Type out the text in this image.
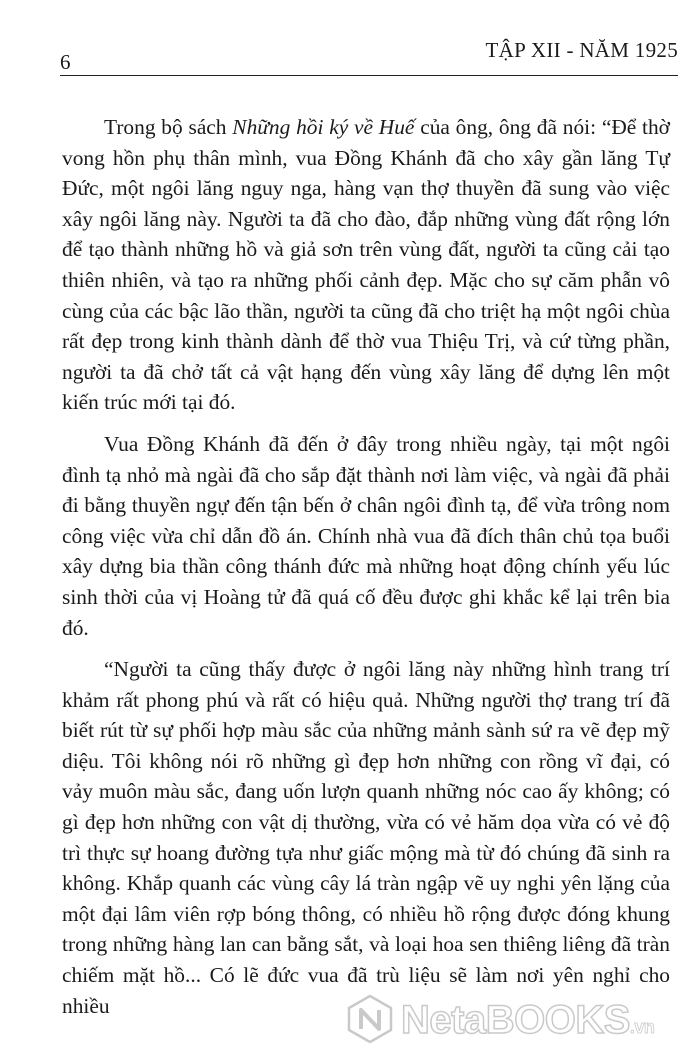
6	TẬP XII - NĂM 1925

Trong bộ sách Những hồi ký về Huế của ông, ông đã nói: “Để thờ vong hồn phụ thân mình, vua Đồng Khánh đã cho xây gần lăng Tự Đức, một ngôi lăng nguy nga, hàng vạn thợ thuyền đã sung vào việc xây ngôi lăng này. Người ta đã cho đào, đắp những vùng đất rộng lớn để tạo thành những hồ và giả sơn trên vùng đất, người ta cũng cải tạo thiên nhiên, và tạo ra những phối cảnh đẹp. Mặc cho sự căm phẫn vô cùng của các bậc lão thần, người ta cũng đã cho triệt hạ một ngôi chùa rất đẹp trong kinh thành dành để thờ vua Thiệu Trị, và cứ từng phần, người ta đã chở tất cả vật hạng đến vùng xây lăng để dựng lên một kiến trúc mới tại đó.

Vua Đồng Khánh đã đến ở đây trong nhiều ngày, tại một ngôi đình tạ nhỏ mà ngài đã cho sắp đặt thành nơi làm việc, và ngài đã phải đi bằng thuyền ngự đến tận bến ở chân ngôi đình tạ, để vừa trông nom công việc vừa chỉ dẫn đồ án. Chính nhà vua đã đích thân chủ tọa buổi xây dựng bia thần công thánh đức mà những hoạt động chính yếu lúc sinh thời của vị Hoàng tử đã quá cố đều được ghi khắc kể lại trên bia đó.

“Người ta cũng thấy được ở ngôi lăng này những hình trang trí khảm rất phong phú và rất có hiệu quả. Những người thợ trang trí đã biết rút từ sự phối hợp màu sắc của những mảnh sành sứ ra vẽ đẹp mỹ diệu. Tôi không nói rõ những gì đẹp hơn những con rồng vĩ đại, có vảy muôn màu sắc, đang uốn lượn quanh những nóc cao ấy không; có gì đẹp hơn những con vật dị thường, vừa có vẻ hăm dọa vừa có vẻ độ trì thực sự hoang đường tựa như giấc mộng mà từ đó chúng đã sinh ra không. Khắp quanh các vùng cây lá tràn ngập vẽ uy nghi yên lặng của một đại lâm viên rợp bóng thông, có nhiều hồ rộng được đóng khung trong những hàng lan can bằng sắt, và loại hoa sen thiêng liêng đã tràn chiếm mặt hồ... Có lẽ đức vua đã trù liệu sẽ làm nơi yên nghỉ cho nhiều	NetaBOOKS.vn
